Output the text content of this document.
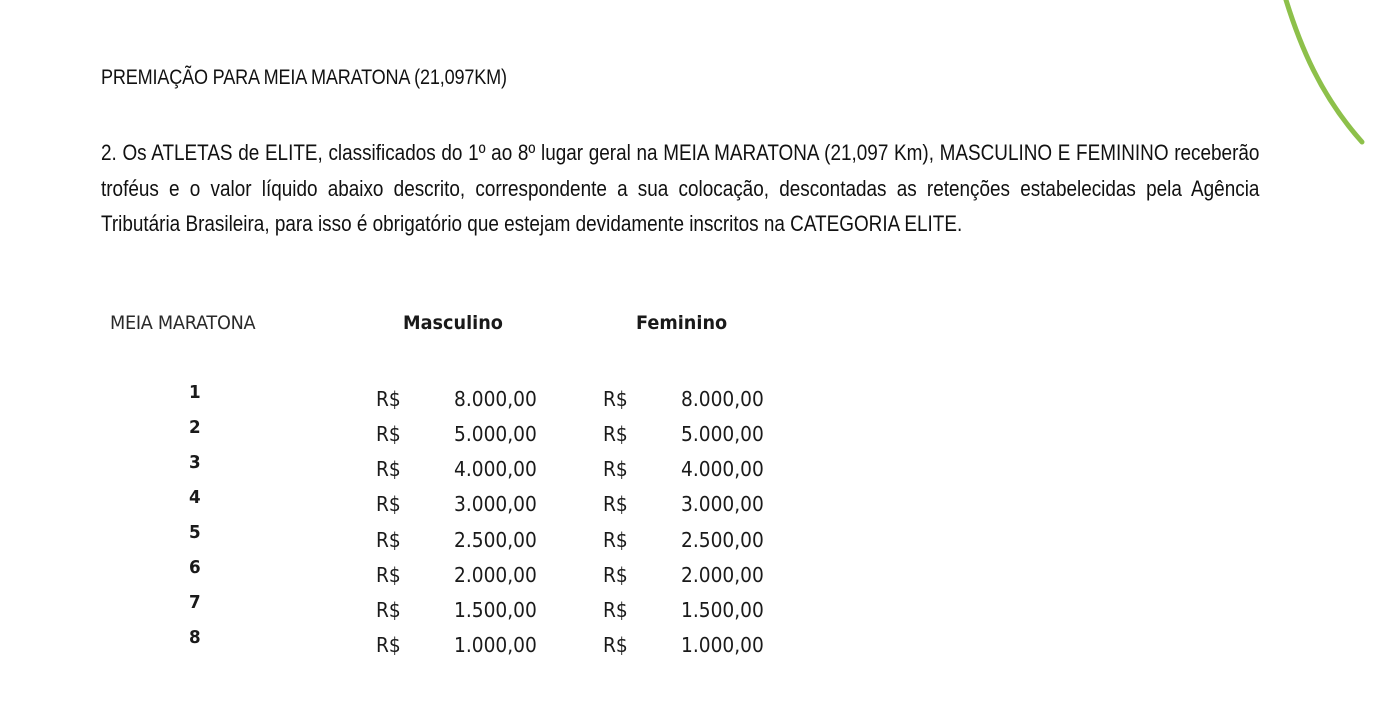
PREMIAÇÃO PARA MEIA MARATONA (21,097KM)
2. Os ATLETAS de ELITE, classificados do 1º ao 8º lugar geral na MEIA MARATONA (21,097 Km), MASCULINO E FEMININO receberão troféus e o valor líquido abaixo descrito, correspondente a sua colocação, descontadas as retenções estabelecidas pela Agência Tributária Brasileira, para isso é obrigatório que estejam devidamente inscritos na CATEGORIA ELITE.
MEIA MARATONA	Masculino	Feminino
1	R$	8.000,00	R$	8.000,00
2	R$	5.000,00	R$	5.000,00
3	R$	4.000,00	R$	4.000,00
4	R$	3.000,00	R$	3.000,00
5	R$	2.500,00	R$	2.500,00
6	R$	2.000,00	R$	2.000,00
7	R$	1.500,00	R$	1.500,00
8	R$	1.000,00	R$	1.000,00
